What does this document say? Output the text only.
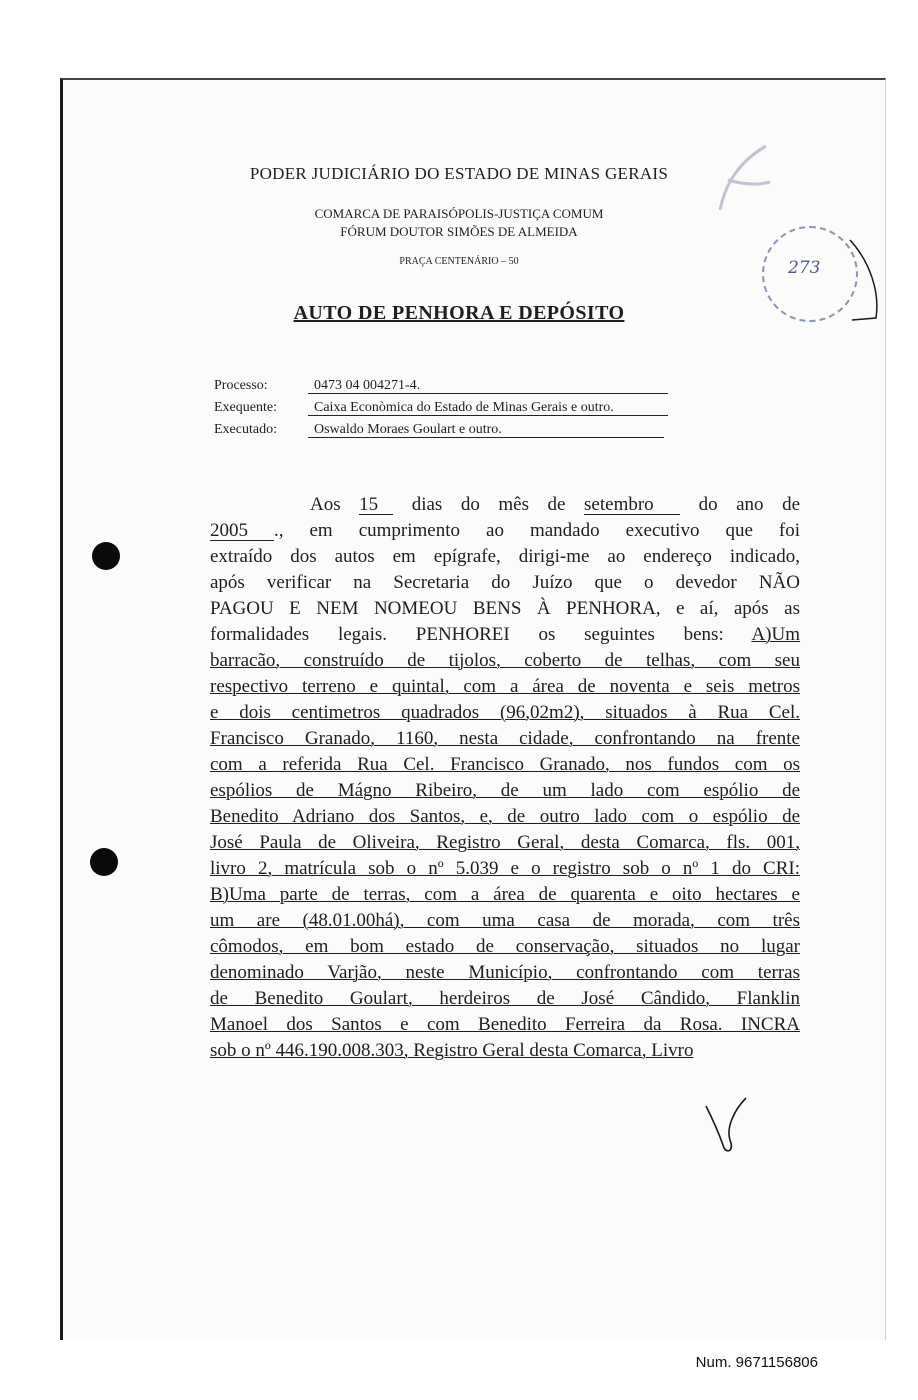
PODER JUDICIÁRIO DO ESTADO DE MINAS GERAIS
COMARCA DE PARAISÓPOLIS-JUSTIÇA COMUM
FÓRUM DOUTOR SIMÕES DE ALMEIDA
PRAÇA CENTENÁRIO – 50	273
AUTO DE PENHORA E DEPÓSITO
Processo:	0473 04 004271-4.
Exequente:	Caixa Econòmica do Estado de Minas Gerais e outro.
Executado:	Oswaldo Moraes Goulart e outro.
Aos 15 dias do mês de setembro do ano de
2005 ., em cumprimento ao mandado executivo que foi
extraído dos autos em epígrafe, dirigi-me ao endereço indicado,
após verificar na Secretaria do Juízo que o devedor NÃO
PAGOU E NEM NOMEOU BENS À PENHORA, e aí, após as
formalidades legais. PENHOREI os seguintes bens: A)Um
barracão, construído de tijolos, coberto de telhas, com seu
respectivo terreno e quintal, com a área de noventa e seis metros
e dois centimetros quadrados (96,02m2), situados à Rua Cel.
Francisco Granado, 1160, nesta cidade, confrontando na frente
com a referida Rua Cel. Francisco Granado, nos fundos com os
espólios de Mágno Ribeiro, de um lado com espólio de
Benedito Adriano dos Santos, e, de outro lado com o espólio de
José Paula de Oliveira, Registro Geral, desta Comarca, fls. 001,
livro 2, matrícula sob o nº 5.039 e o registro sob o nº 1 do CRI:
B)Uma parte de terras, com a área de quarenta e oito hectares e
um are (48.01.00há), com uma casa de morada, com três
cômodos, em bom estado de conservação, situados no lugar
denominado Varjão, neste Município, confrontando com terras
de Benedito Goulart, herdeiros de José Cândido, Flanklin
Manoel dos Santos e com Benedito Ferreira da Rosa. INCRA
sob o nº 446.190.008.303, Registro Geral desta Comarca, Livro
Num. 9671156806
